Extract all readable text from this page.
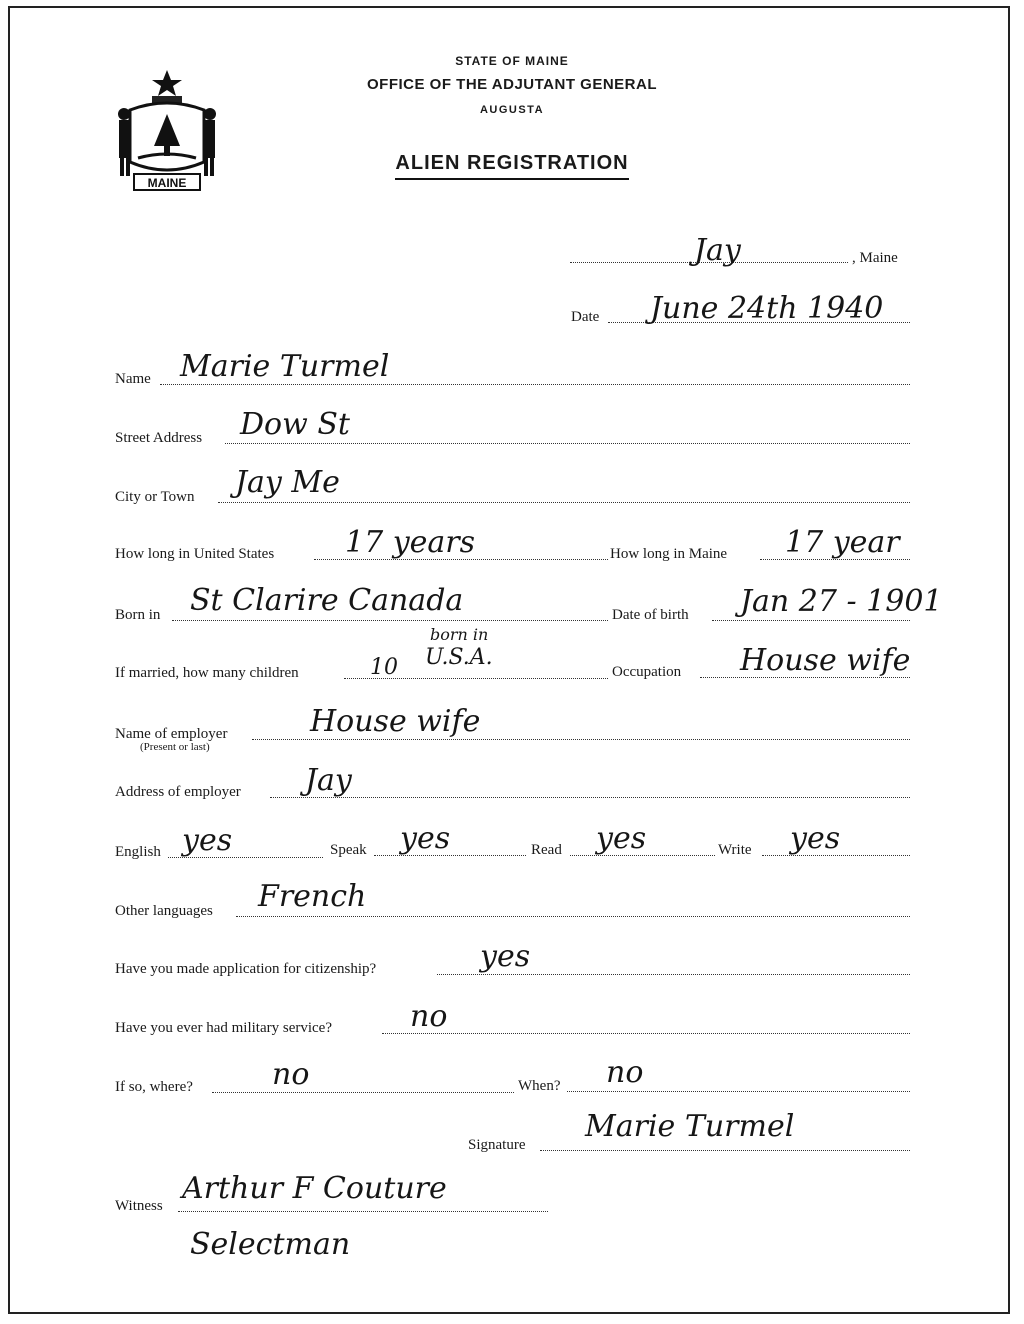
STATE OF MAINE
OFFICE OF THE ADJUTANT GENERAL
AUGUSTA
ALIEN REGISTRATION
MAINE
Jay	, Maine
Date June 24th 1940
Name Marie Turmel
Street Address Dow St
City or Town Jay Me
How long in United States 17 years	How long in Maine 17 year
Born in St Clarire Canada	Date of birth Jan 27 - 1901
If married, how many children	10
born in
U.S.A.
Occupation House wife
Name of employer
(Present or last)
House wife
Address of employer Jay
English yes	Speak yes	Read yes	Write yes
Other languages French
Have you made application for citizenship?	yes
Have you ever had military service?	no
If so, where?	no	When? no
Signature
Marie Turmel
Witness Arthur F Couture
Selectman
